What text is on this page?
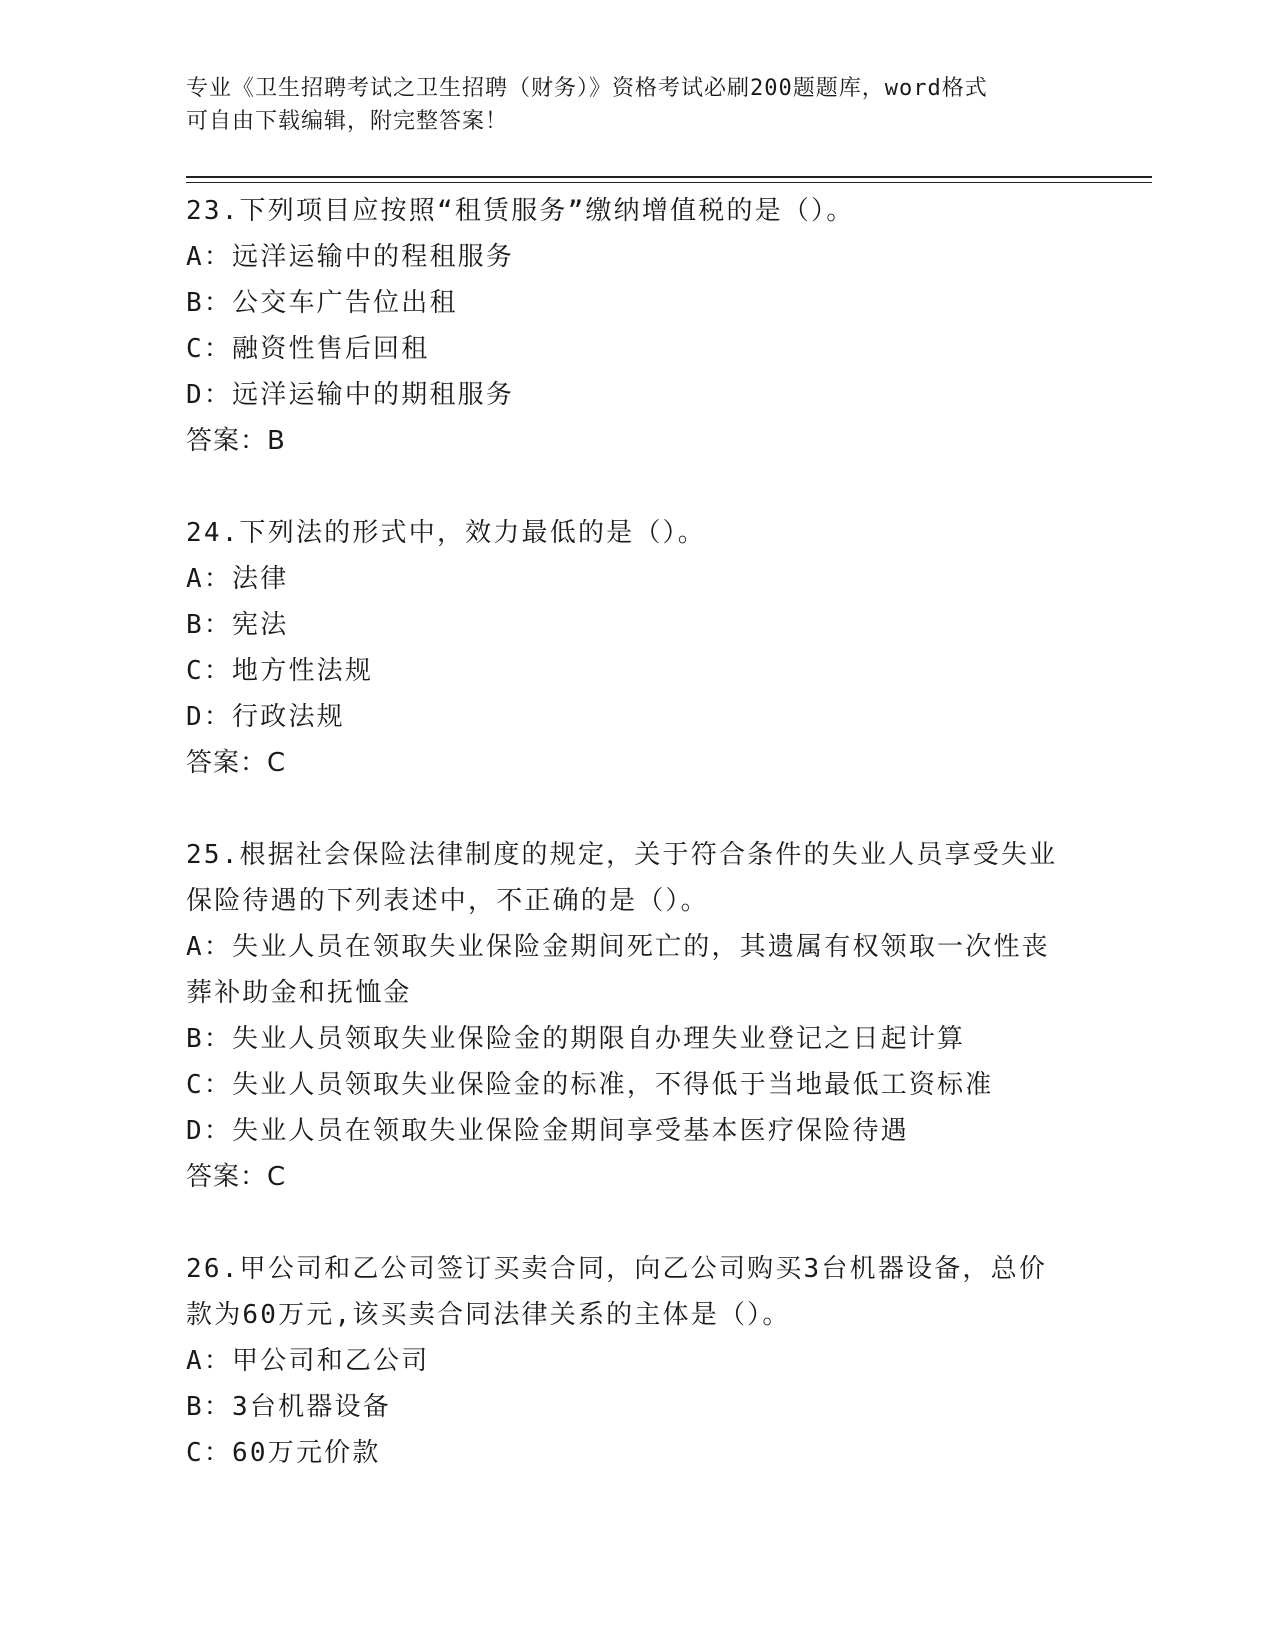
专业《卫生招聘考试之卫生招聘（财务）》资格考试必刷200题题库，word格式
可自由下载编辑，附完整答案！
23.下列项目应按照“租赁服务”缴纳增值税的是（）。
A：远洋运输中的程租服务
B：公交车广告位出租
C：融资性售后回租
D：远洋运输中的期租服务
答案：B
24.下列法的形式中，效力最低的是（）。
A：法律
B：宪法
C：地方性法规
D：行政法规
答案：C
25.根据社会保险法律制度的规定，关于符合条件的失业人员享受失业
保险待遇的下列表述中，不正确的是（）。
A：失业人员在领取失业保险金期间死亡的，其遗属有权领取一次性丧
葬补助金和抚恤金
B：失业人员领取失业保险金的期限自办理失业登记之日起计算
C：失业人员领取失业保险金的标准，不得低于当地最低工资标准
D：失业人员在领取失业保险金期间享受基本医疗保险待遇
答案：C
26.甲公司和乙公司签订买卖合同，向乙公司购买3台机器设备，总价
款为60万元,该买卖合同法律关系的主体是（）。
A：甲公司和乙公司
B：3台机器设备
C：60万元价款
